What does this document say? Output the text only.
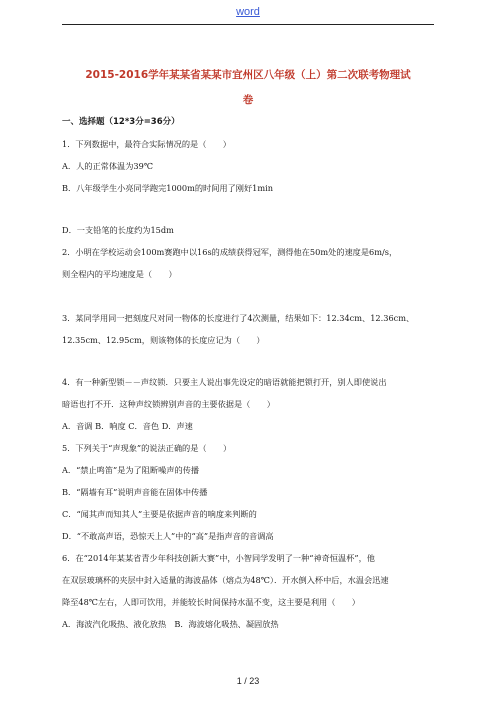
word
2015-2016学年某某省某某市宜州区八年级（上）第二次联考物理试
卷
一、选择题（12*3分=36分）
1．下列数据中，最符合实际情况的是（　　）
A．人的正常体温为39℃
B．八年级学生小亮同学跑完1000m的时间用了刚好1min
D．一支铅笔的长度约为15dm
2．小明在学校运动会100m赛跑中以16s的成绩获得冠军，测得他在50m处的速度是6m/s，
则全程内的平均速度是（　　）
3．某同学用同一把刻度尺对同一物体的长度进行了4次测量，结果如下：12.34cm、12.36cm、
12.35cm、12.95cm，则该物体的长度应记为（　　）
4．有一种新型锁－－声纹锁．只要主人说出事先设定的暗语就能把锁打开，别人即使说出
暗语也打不开．这种声纹锁辨别声音的主要依据是（　　）
A．音调 B．响度 C．音色 D．声速
5．下列关于“声现象”的说法正确的是（　　）
A．“禁止鸣笛”是为了阻断噪声的传播
B．“隔墙有耳”说明声音能在固体中传播
C．“闻其声而知其人”主要是依据声音的响度来判断的
D．“不敢高声语，恐惊天上人”中的“高”是指声音的音调高
6．在“2014年某某省青少年科技创新大赛”中，小智同学发明了一种“神奇恒温杯”，他
在双层玻璃杯的夹层中封入适量的海波晶体（熔点为48℃）．开水倒入杯中后，水温会迅速
降至48℃左右，人即可饮用，并能较长时间保持水温不变，这主要是利用（　　）
A．海波汽化吸热、液化放热　B．海波熔化吸热、凝固放热
1 / 23
